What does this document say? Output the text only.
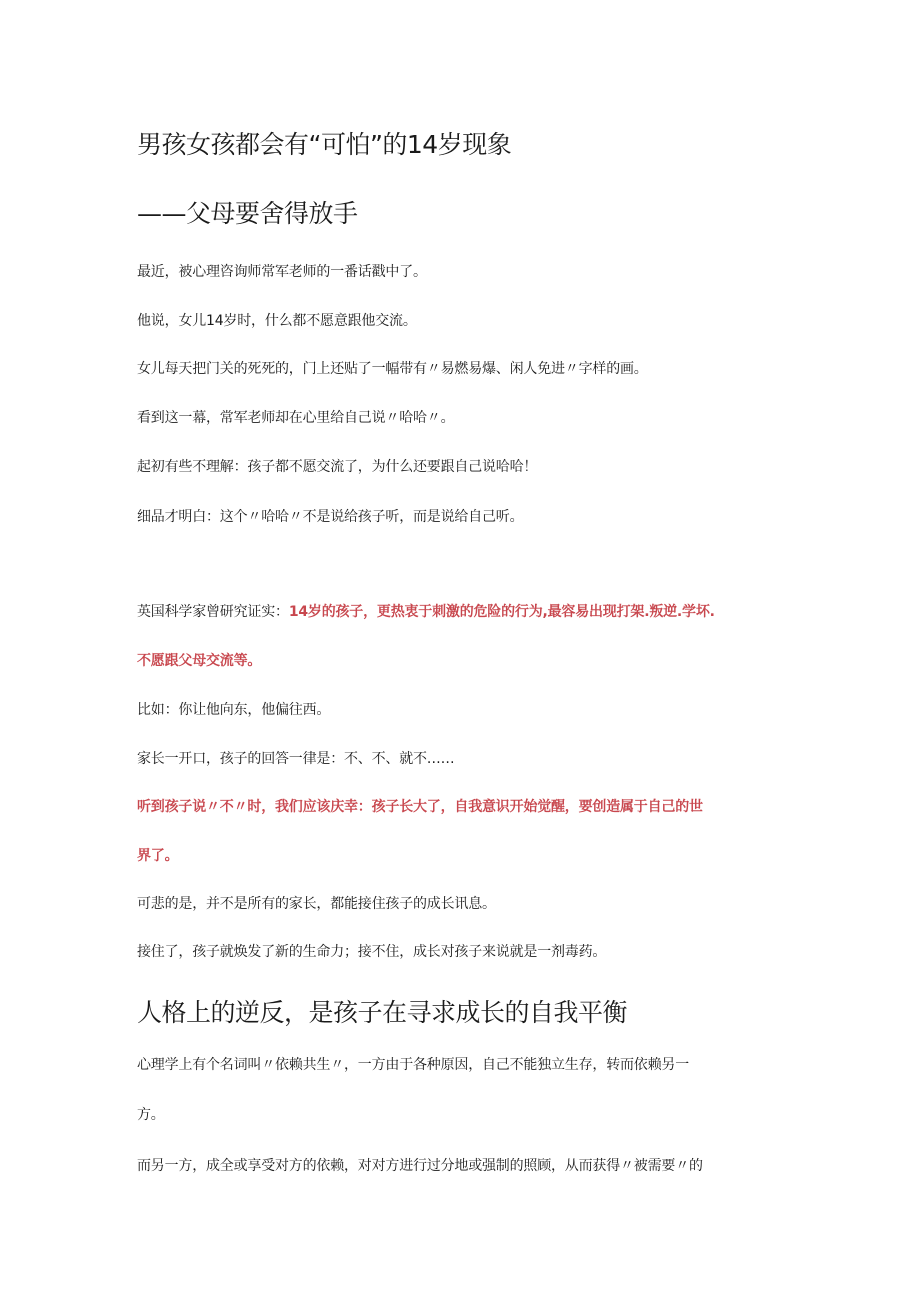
男孩女孩都会有“可怕”的14岁现象
——父母要舍得放手

最近，被心理咨询师常军老师的一番话戳中了。

他说，女儿14岁时，什么都不愿意跟他交流。

女儿每天把门关的死死的，门上还贴了一幅带有〃易燃易爆、闲人免进〃字样的画。

看到这一幕，常军老师却在心里给自己说〃哈哈〃。

起初有些不理解：孩子都不愿交流了，为什么还要跟自己说哈哈！

细品才明白：这个〃哈哈〃不是说给孩子听，而是说给自己听。

英国科学家曾研究证实：14岁的孩子，更热衷于刺激的危险的行为,最容易出现打架.叛逆.学坏.

不愿跟父母交流等。

比如：你让他向东，他偏往西。

家长一开口，孩子的回答一律是：不、不、就不……

听到孩子说〃不〃时，我们应该庆幸：孩子长大了，自我意识开始觉醒，要创造属于自己的世

界了。

可悲的是，并不是所有的家长，都能接住孩子的成长讯息。

接住了，孩子就焕发了新的生命力；接不住，成长对孩子来说就是一剂毒药。

人格上的逆反，是孩子在寻求成长的自我平衡

心理学上有个名词叫〃依赖共生〃，一方由于各种原因，自己不能独立生存，转而依赖另一

方。

而另一方，成全或享受对方的依赖，对对方进行过分地或强制的照顾，从而获得〃被需要〃的
